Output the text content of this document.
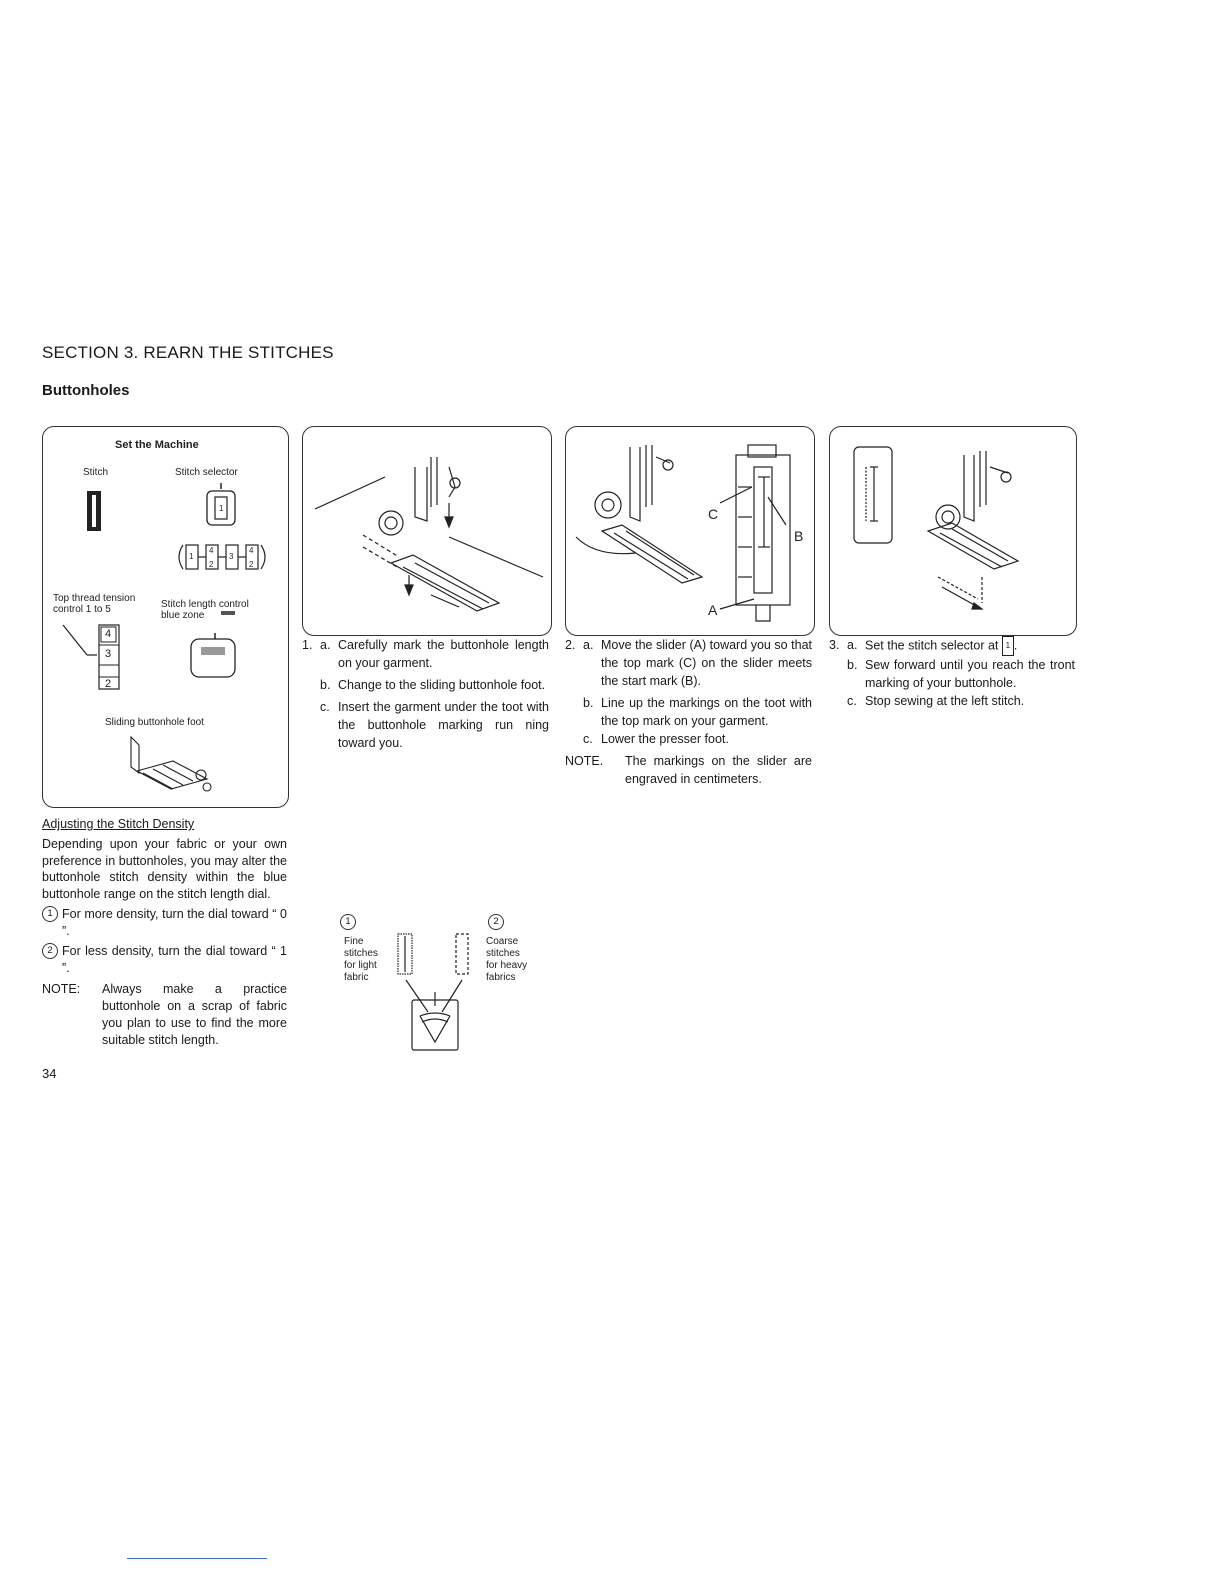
SECTION 3. REARN THE STITCHES
Buttonholes
Set the Machine
Stitch	Stitch selector
1
4
2
3
4
2
1
Top thread tension
control 1 to 5	Stitch length control
blue zone
4
3
2
Sliding buttonhole foot
C
B
A
1. a. Carefully mark the buttonhole length on your garment.
b. Change to the sliding buttonhole foot.
c. Insert the garment under the toot with the buttonhole marking run ning toward you.
2. a. Move the slider (A) toward you so that the top mark (C) on the slider meets the start mark (B).
b. Line up the markings on the toot with the top mark on your garment.
c. Lower the presser foot.
NOTE.	The markings on the slider are engraved in centimeters.
3. a. Set the stitch selector at 1 .
b. Sew forward until you reach the tront marking of your buttonhole.
c. Stop sewing at the left stitch.
Adjusting the Stitch Density
Depending upon your fabric or your own preference in buttonholes, you may alter the buttonhole stitch density within the blue buttonhole range on the stitch length dial.
1 For more density, turn the dial toward “ 0 ”.
2 For less density, turn the dial toward “ 1 ”.
NOTE:	Always make a practice buttonhole on a scrap of fabric you plan to use to find the more suitable stitch length.
1	2
Fine
stitches
for light
fabric
Coarse
stitches
for heavy
fabrics
34
